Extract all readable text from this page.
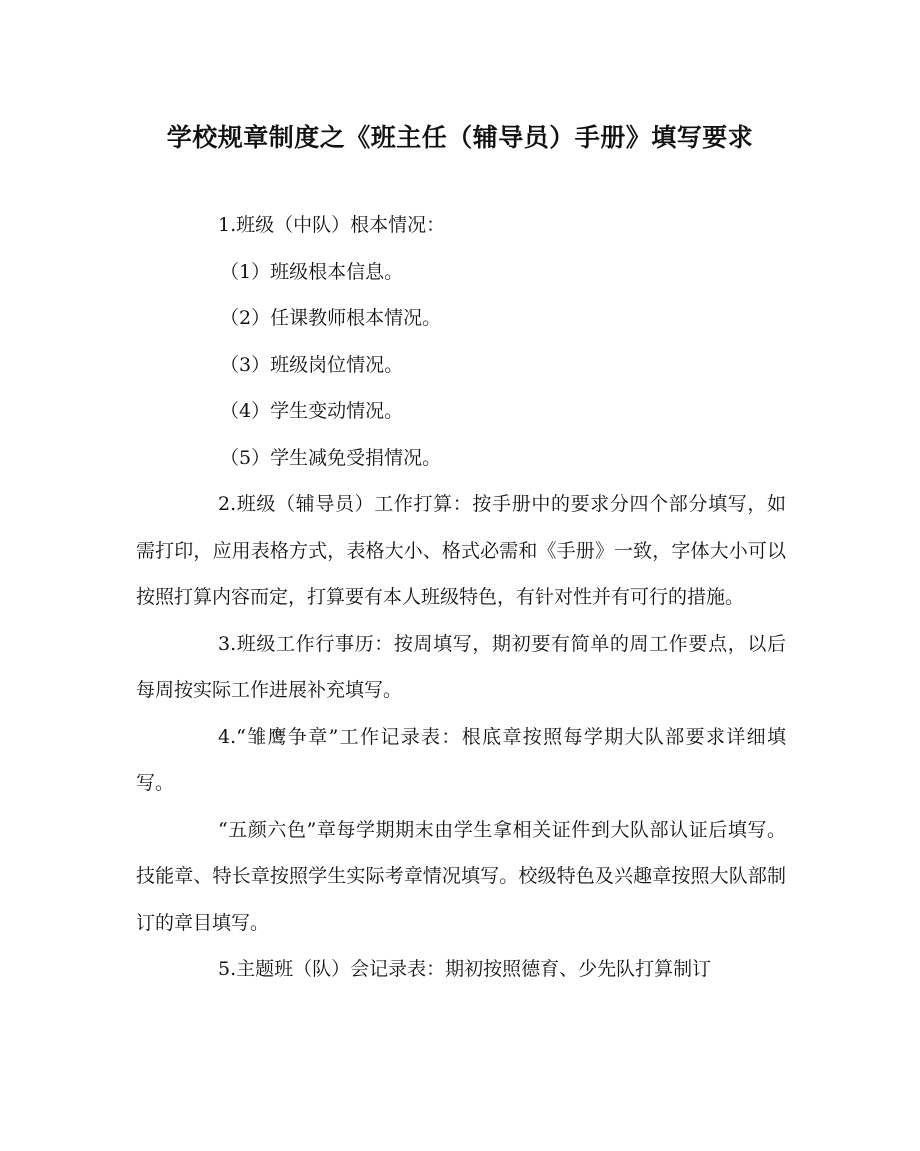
学校规章制度之《班主任（辅导员）手册》填写要求

1.班级（中队）根本情况：

（1）班级根本信息。

（2）任课教师根本情况。

（3）班级岗位情况。

（4）学生变动情况。

（5）学生减免受捐情况。

2.班级（辅导员）工作打算：按手册中的要求分四个部分填写，如需打印，应用表格方式，表格大小、格式必需和《手册》一致，字体大小可以按照打算内容而定，打算要有本人班级特色，有针对性并有可行的措施。

3.班级工作行事历：按周填写，期初要有简单的周工作要点，以后每周按实际工作进展补充填写。

4.“雏鹰争章”工作记录表：根底章按照每学期大队部要求详细填写。

“五颜六色”章每学期期末由学生拿相关证件到大队部认证后填写。技能章、特长章按照学生实际考章情况填写。校级特色及兴趣章按照大队部制订的章目填写。

5.主题班（队）会记录表：期初按照德育、少先队打算制订
